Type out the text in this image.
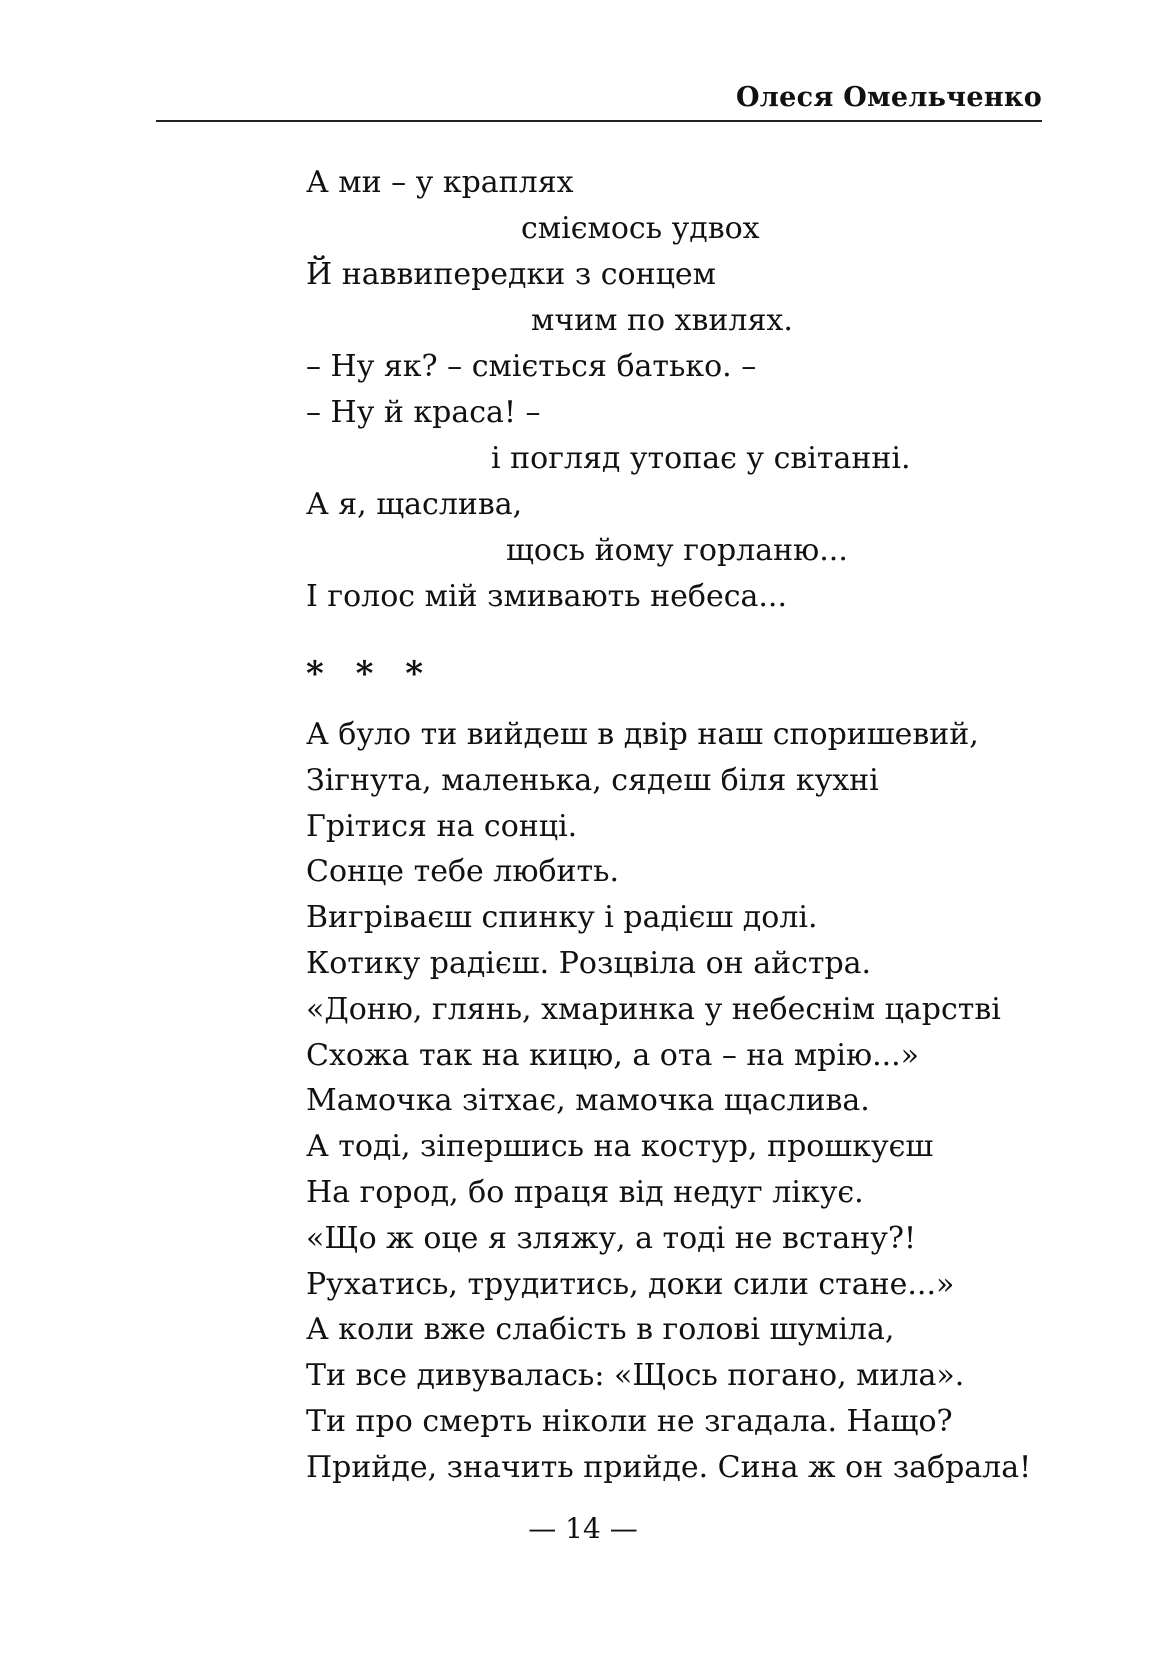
Олеся Омельченко
А ми – у краплях
сміємось удвох
Й наввипередки з сонцем
мчим по хвилях.
– Ну як? – сміється батько. –
– Ну й краса! –
і погляд утопає у світанні.
А я, щаслива,
щось йому горланю...
І голос мій змивають небеса...
* * *
А було ти вийдеш в двір наш споришевий,
Зігнута, маленька, сядеш біля кухні
Грітися на сонці.
Сонце тебе любить.
Вигріваєш спинку і радієш долі.
Котику радієш. Розцвіла он айстра.
«Доню, глянь, хмаринка у небеснім царстві
Схожа так на кицю, а ота – на мрію...»
Мамочка зітхає, мамочка щаслива.
А тоді, зіпершись на костур, прошкуєш
На город, бо праця від недуг лікує.
«Що ж оце я зляжу, а тоді не встану?!
Рухатись, трудитись, доки сили стане...»
А коли вже слабість в голові шуміла,
Ти все дивувалась: «Щось погано, мила».
Ти про смерть ніколи не згадала. Нащо?
Прийде, значить прийде. Сина ж он забрала!
— 14 —
